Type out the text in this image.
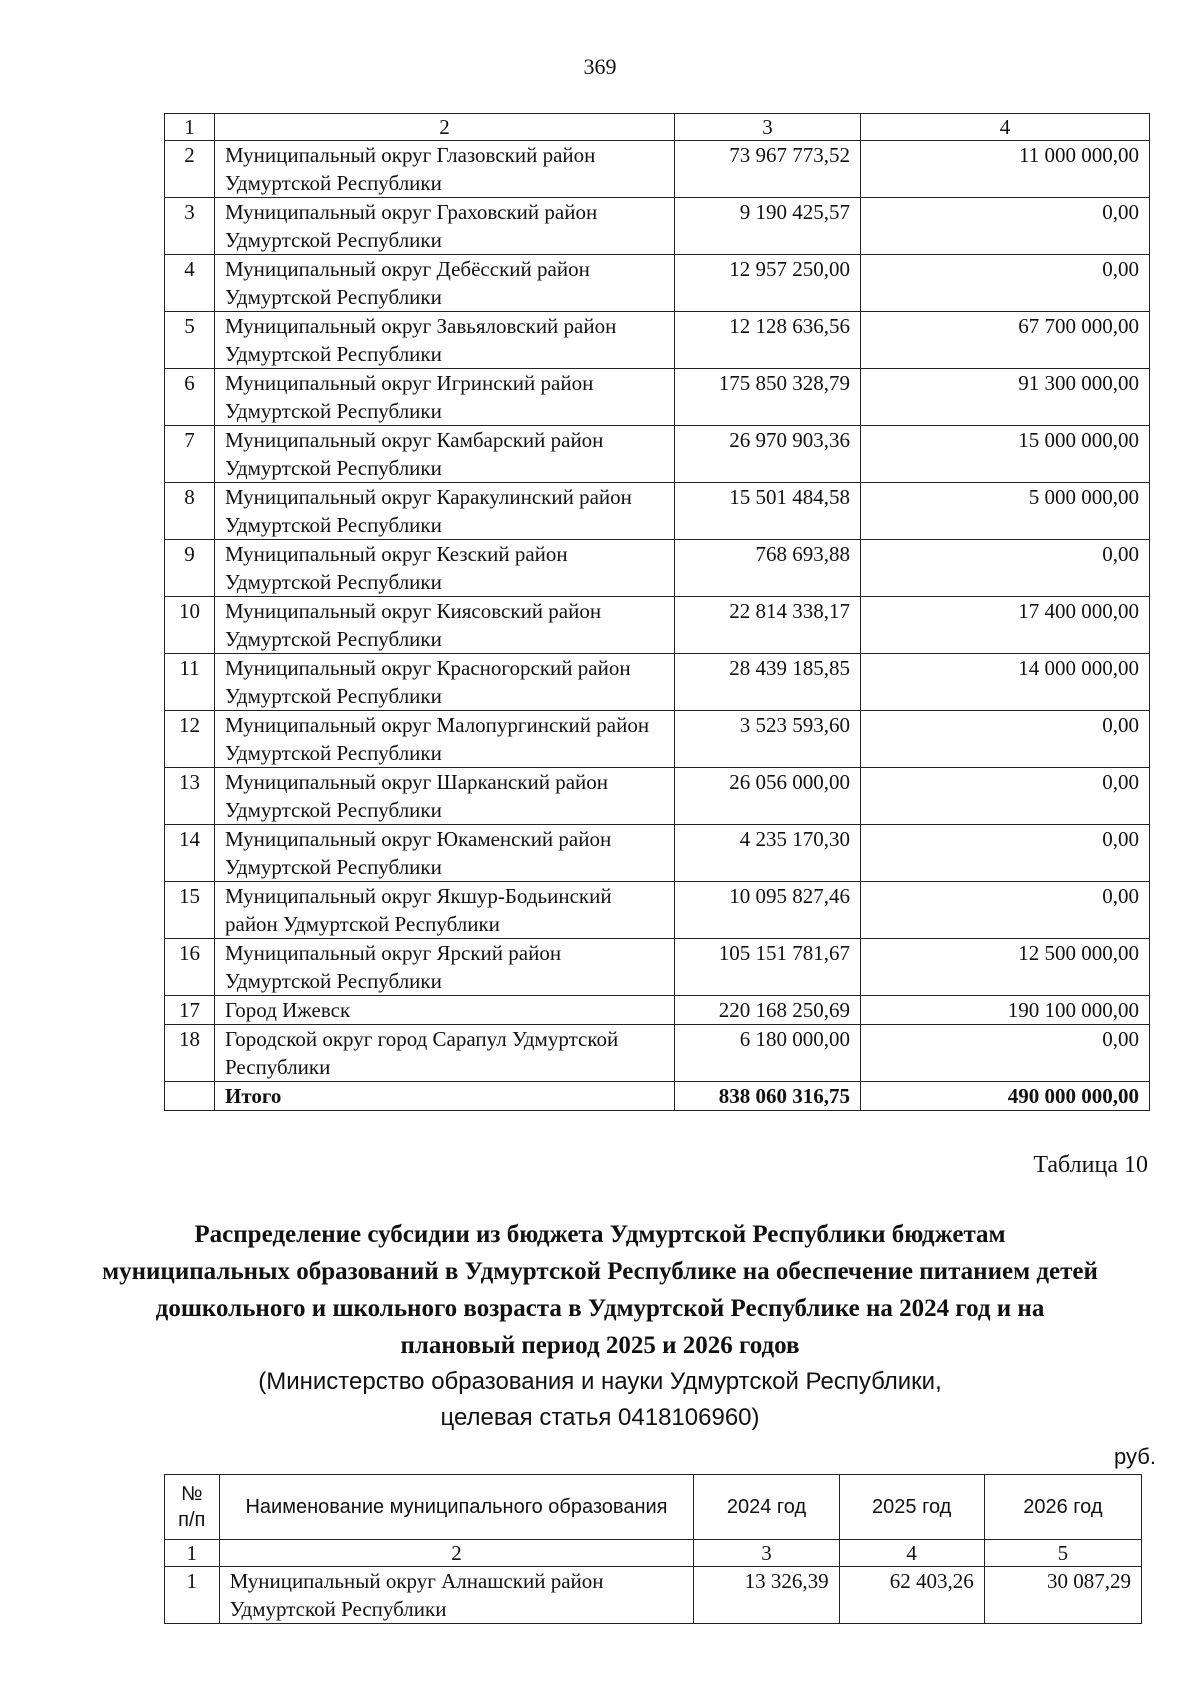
369
1	2	3	4
2	Муниципальный округ Глазовский район Удмуртской Республики	73 967 773,52	11 000 000,00
3	Муниципальный округ Граховский район Удмуртской Республики	9 190 425,57	0,00
4	Муниципальный округ Дебёсский район Удмуртской Республики	12 957 250,00	0,00
5	Муниципальный округ Завьяловский район Удмуртской Республики	12 128 636,56	67 700 000,00
6	Муниципальный округ Игринский район Удмуртской Республики	175 850 328,79	91 300 000,00
7	Муниципальный округ Камбарский район Удмуртской Республики	26 970 903,36	15 000 000,00
8	Муниципальный округ Каракулинский район Удмуртской Республики	15 501 484,58	5 000 000,00
9	Муниципальный округ Кезский район Удмуртской Республики	768 693,88	0,00
10	Муниципальный округ Киясовский район Удмуртской Республики	22 814 338,17	17 400 000,00
11	Муниципальный округ Красногорский район Удмуртской Республики	28 439 185,85	14 000 000,00
12	Муниципальный округ Малопургинский район Удмуртской Республики	3 523 593,60	0,00
13	Муниципальный округ Шарканский район Удмуртской Республики	26 056 000,00	0,00
14	Муниципальный округ Юкаменский район Удмуртской Республики	4 235 170,30	0,00
15	Муниципальный округ Якшур-Бодьинский район Удмуртской Республики	10 095 827,46	0,00
16	Муниципальный округ Ярский район Удмуртской Республики	105 151 781,67	12 500 000,00
17	Город Ижевск	220 168 250,69	190 100 000,00
18	Городской округ город Сарапул Удмуртской Республики	6 180 000,00	0,00
	Итого	838 060 316,75	490 000 000,00
Таблица 10
Распределение субсидии из бюджета Удмуртской Республики бюджетам муниципальных образований в Удмуртской Республике на обеспечение питанием детей дошкольного и школьного возраста в Удмуртской Республике на 2024 год и на плановый период 2025 и 2026 годов
(Министерство образования и науки Удмуртской Республики,
целевая статья 0418106960)
руб.
№ п/п	Наименование муниципального образования	2024 год	2025 год	2026 год
1	2	3	4	5
1	Муниципальный округ Алнашский район Удмуртской Республики	13 326,39	62 403,26	30 087,29
